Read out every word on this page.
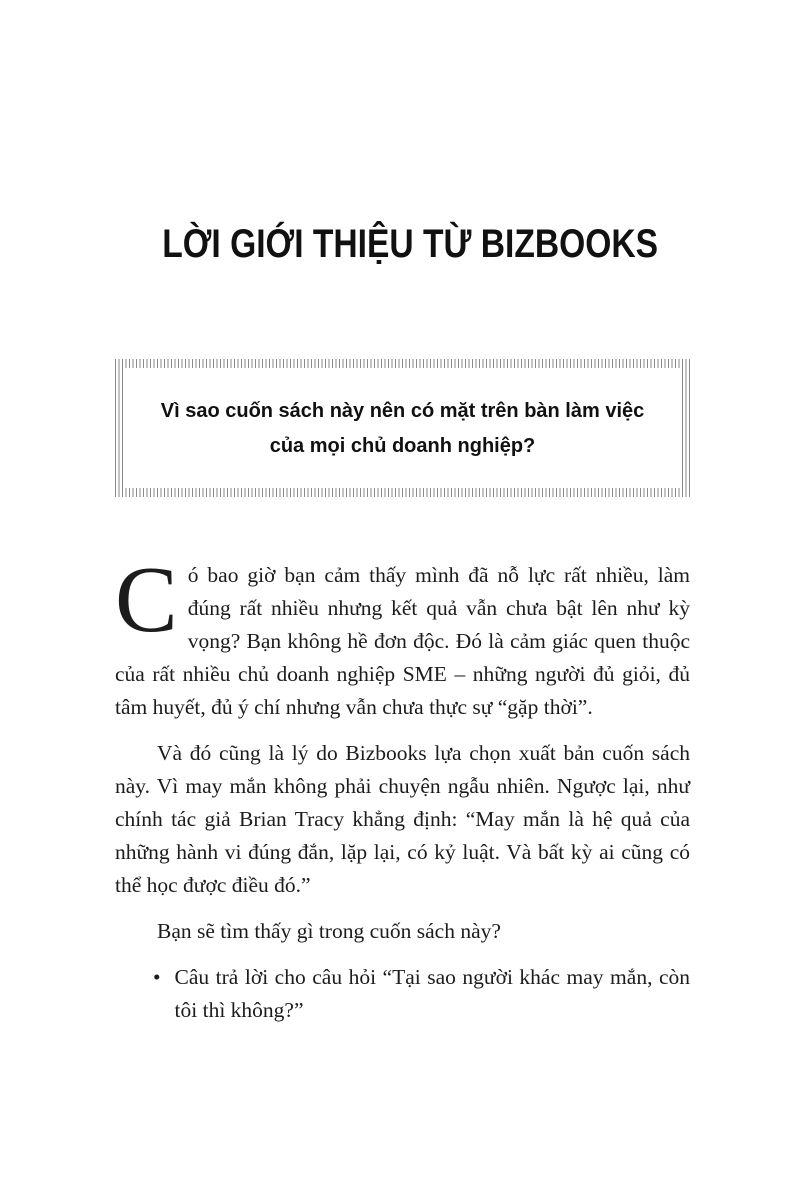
LỜI GIỚI THIỆU TỪ BIZBOOKS
Vì sao cuốn sách này nên có mặt trên bàn làm việc
của mọi chủ doanh nghiệp?

Có bao giờ bạn cảm thấy mình đã nỗ lực rất nhiều, làm đúng rất nhiều nhưng kết quả vẫn chưa bật lên như kỳ vọng? Bạn không hề đơn độc. Đó là cảm giác quen thuộc của rất nhiều chủ doanh nghiệp SME – những người đủ giỏi, đủ tâm huyết, đủ ý chí nhưng vẫn chưa thực sự “gặp thời”.

Và đó cũng là lý do Bizbooks lựa chọn xuất bản cuốn sách này. Vì may mắn không phải chuyện ngẫu nhiên. Ngược lại, như chính tác giả Brian Tracy khẳng định: “May mắn là hệ quả của những hành vi đúng đắn, lặp lại, có kỷ luật. Và bất kỳ ai cũng có thể học được điều đó.”

Bạn sẽ tìm thấy gì trong cuốn sách này?

• Câu trả lời cho câu hỏi “Tại sao người khác may mắn, còn tôi thì không?”
